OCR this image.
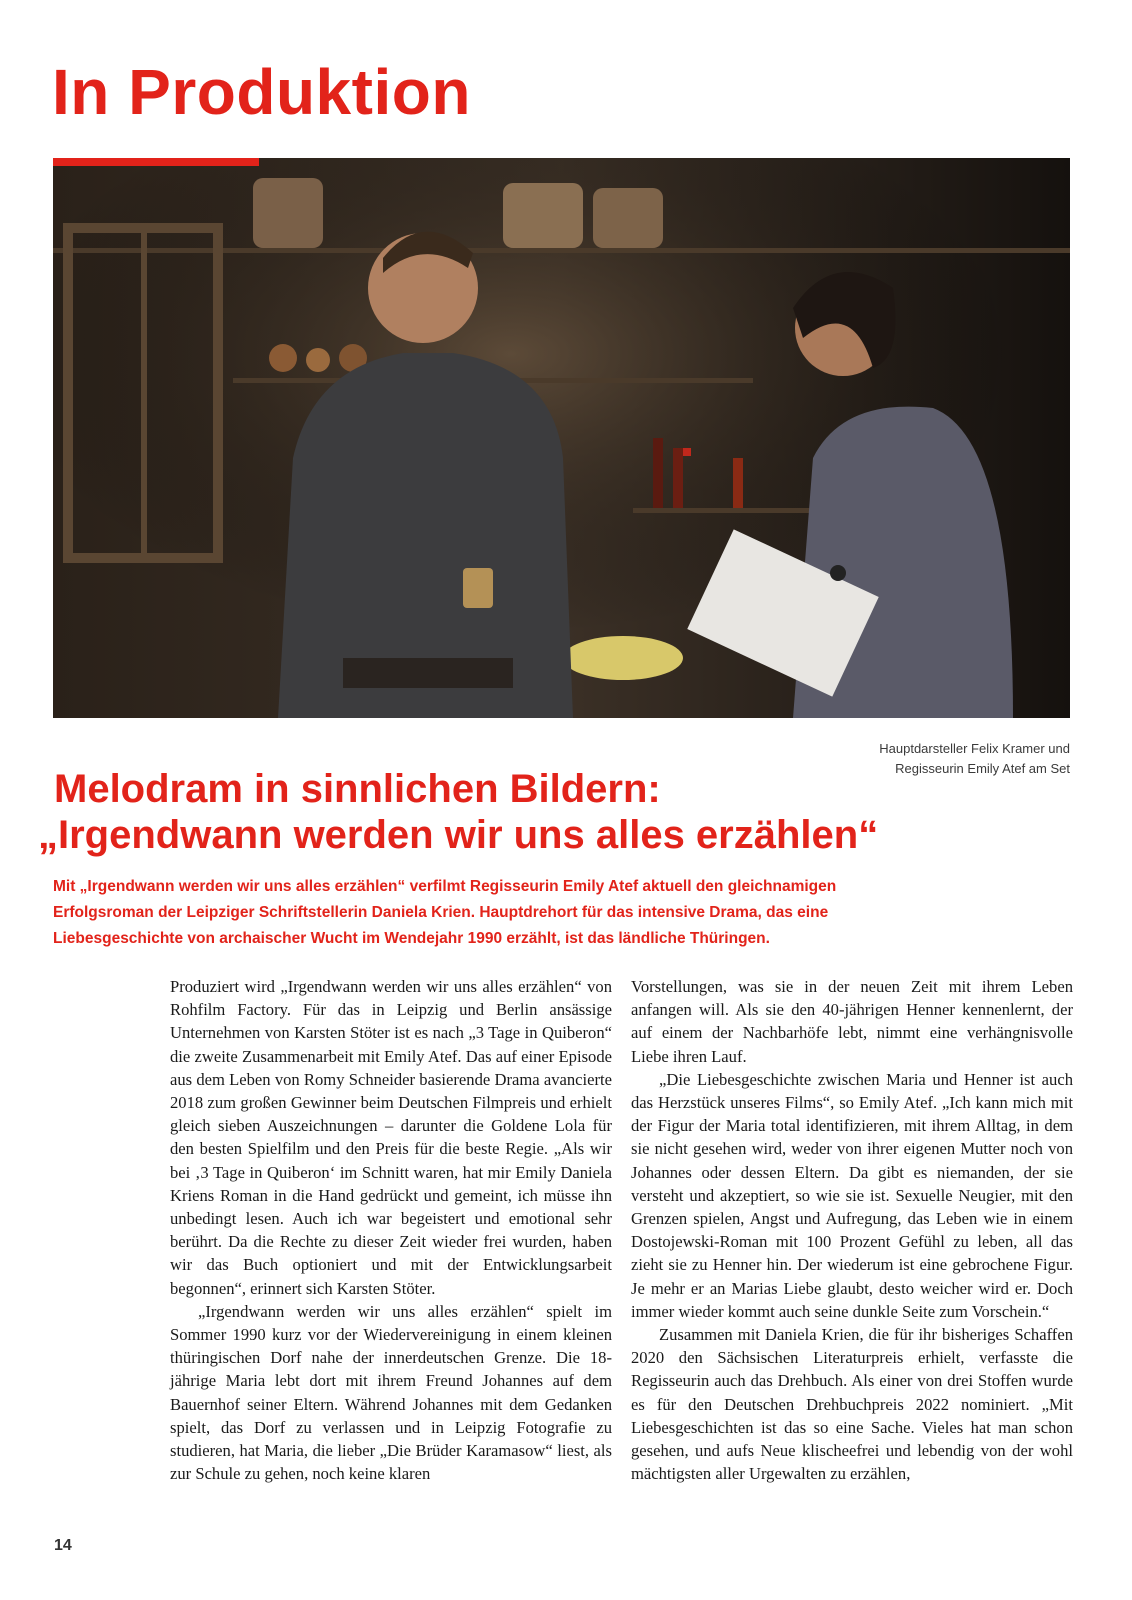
In Produktion
Hauptdarsteller Felix Kramer und Regisseurin Emily Atef am Set
Melodram in sinnlichen Bildern:
„Irgendwann werden wir uns alles erzählen“

Mit „Irgendwann werden wir uns alles erzählen“ verfilmt Regisseurin Emily Atef aktuell den gleichnamigen Erfolgsroman der Leipziger Schriftstellerin Daniela Krien. Hauptdrehort für das intensive Drama, das eine Liebesgeschichte von archaischer Wucht im Wendejahr 1990 erzählt, ist das ländliche Thüringen.

Produziert wird „Irgendwann werden wir uns alles erzählen“ von Rohfilm Factory. Für das in Leipzig und Berlin ansässige Unternehmen von Karsten Stöter ist es nach „3 Tage in Quiberon“ die zweite Zusammenarbeit mit Emily Atef. Das auf einer Episode aus dem Leben von Romy Schneider basierende Drama avancierte 2018 zum großen Gewinner beim Deutschen Filmpreis und erhielt gleich sieben Auszeichnungen – darunter die Goldene Lola für den besten Spielfilm und den Preis für die beste Regie. „Als wir bei ‚3 Tage in Quiberon‘ im Schnitt waren, hat mir Emily Daniela Kriens Roman in die Hand gedrückt und gemeint, ich müsse ihn unbedingt lesen. Auch ich war begeistert und emotional sehr berührt. Da die Rechte zu dieser Zeit wieder frei wurden, haben wir das Buch optioniert und mit der Entwicklungsarbeit begonnen“, erinnert sich Karsten Stöter.

„Irgendwann werden wir uns alles erzählen“ spielt im Sommer 1990 kurz vor der Wiedervereinigung in einem kleinen thüringischen Dorf nahe der innerdeutschen Grenze. Die 18-jährige Maria lebt dort mit ihrem Freund Johannes auf dem Bauernhof seiner Eltern. Während Johannes mit dem Gedanken spielt, das Dorf zu verlassen und in Leipzig Fotografie zu studieren, hat Maria, die lieber „Die Brüder Karamasow“ liest, als zur Schule zu gehen, noch keine klaren

Vorstellungen, was sie in der neuen Zeit mit ihrem Leben anfangen will. Als sie den 40-jährigen Henner kennenlernt, der auf einem der Nachbarhöfe lebt, nimmt eine verhängnisvolle Liebe ihren Lauf.

„Die Liebesgeschichte zwischen Maria und Henner ist auch das Herzstück unseres Films“, so Emily Atef. „Ich kann mich mit der Figur der Maria total identifizieren, mit ihrem Alltag, in dem sie nicht gesehen wird, weder von ihrer eigenen Mutter noch von Johannes oder dessen Eltern. Da gibt es niemanden, der sie versteht und akzeptiert, so wie sie ist. Sexuelle Neugier, mit den Grenzen spielen, Angst und Aufregung, das Leben wie in einem Dostojewski-Roman mit 100 Prozent Gefühl zu leben, all das zieht sie zu Henner hin. Der wiederum ist eine gebrochene Figur. Je mehr er an Marias Liebe glaubt, desto weicher wird er. Doch immer wieder kommt auch seine dunkle Seite zum Vorschein.“

Zusammen mit Daniela Krien, die für ihr bisheriges Schaffen 2020 den Sächsischen Literaturpreis erhielt, verfasste die Regisseurin auch das Drehbuch. Als einer von drei Stoffen wurde es für den Deutschen Drehbuchpreis 2022 nominiert. „Mit Liebesgeschichten ist das so eine Sache. Vieles hat man schon gesehen, und aufs Neue klischeefrei und lebendig von der wohl mächtigsten aller Urgewalten zu erzählen,

14
